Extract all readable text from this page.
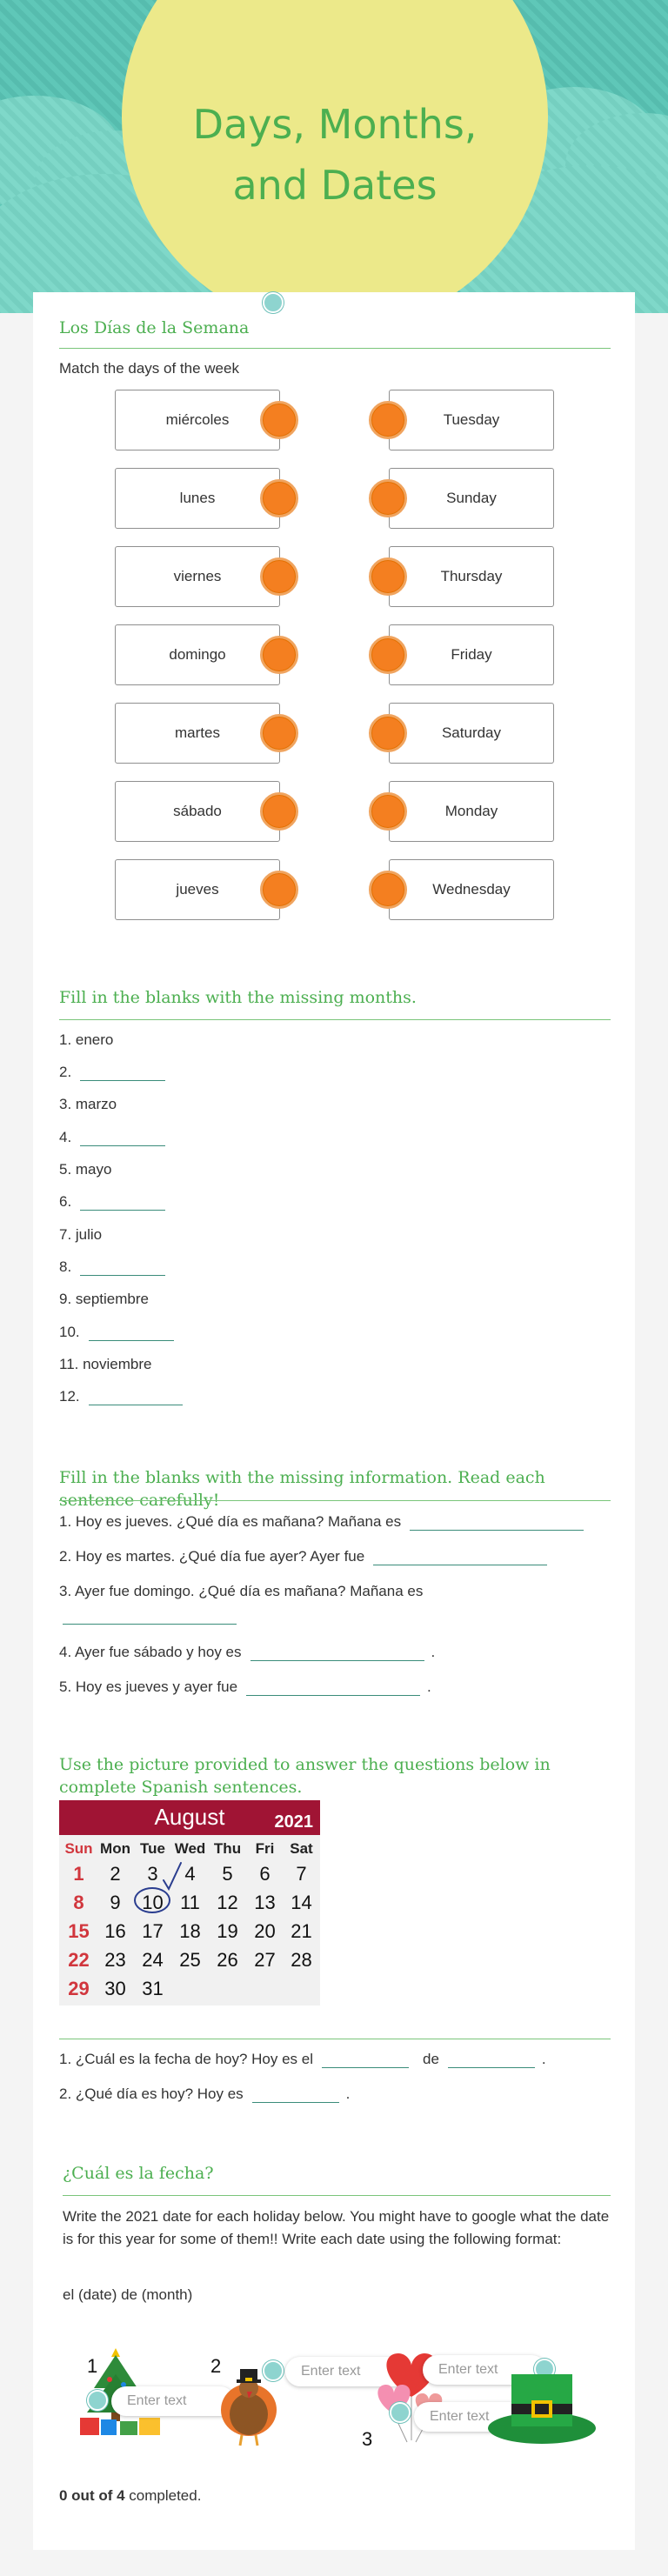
Days, Months, and Dates
Los Días de la Semana
Match the days of the week
miércoles
lunes
viernes
domingo
martes
sábado
jueves
Tuesday
Sunday
Thursday
Friday
Saturday
Monday
Wednesday
Fill in the blanks with the missing months.
1. enero
2.
3. marzo
4.
5. mayo
6.
7. julio
8.
9. septiembre
10.
11. noviembre
12.
Fill in the blanks with the missing information. Read each sentence carefully!
1. Hoy es jueves. ¿Qué día es mañana? Mañana es
2. Hoy es martes. ¿Qué día fue ayer? Ayer fue
3. Ayer fue domingo. ¿Qué día es mañana? Mañana es
4. Ayer fue sábado y hoy es	.
5. Hoy es jueves y ayer fue	.
Use the picture provided to answer the questions below in complete Spanish sentences.
August	2021
Sun Mon Tue Wed Thu Fri	Sat
1	2	3	4	5	6	7
8	9	10 11 12 13 14
15 16 17 18 19 20 21
22 23 24 25 26 27 28
29 30 31
1. ¿Cuál es la fecha de hoy? Hoy es el	de	.
2. ¿Qué día es hoy? Hoy es	.
¿Cuál es la fecha?
Write the 2021 date for each holiday below. You might have to google what the date is for this year for some of them!! Write each date using the following format:
el (date) de (month)
1
Enter text
2	Enter text
3
Enter text
Enter text
0 out of 4 completed.
